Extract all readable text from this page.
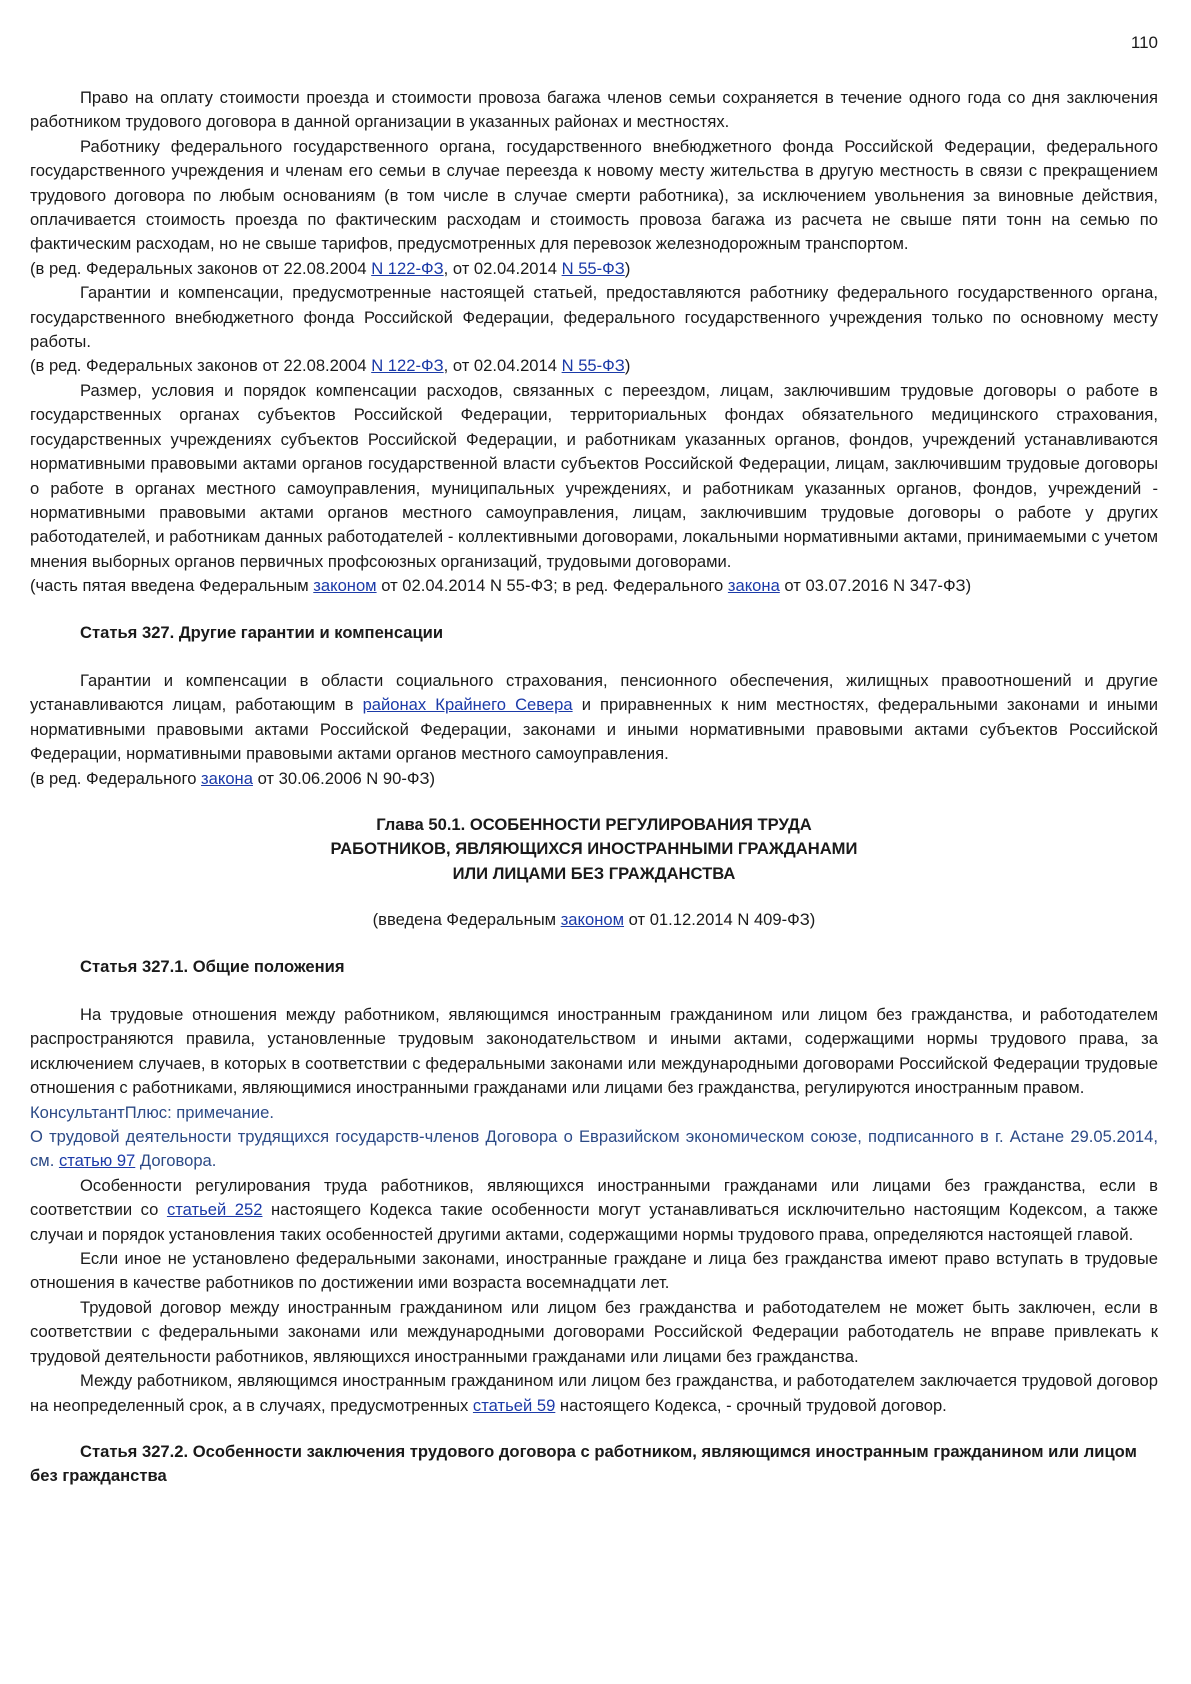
110

Право на оплату стоимости проезда и стоимости провоза багажа членов семьи сохраняется в течение одного года со дня заключения работником трудового договора в данной организации в указанных районах и местностях.

Работнику федерального государственного органа, государственного внебюджетного фонда Российской Федерации, федерального государственного учреждения и членам его семьи в случае переезда к новому месту жительства в другую местность в связи с прекращением трудового договора по любым основаниям (в том числе в случае смерти работника), за исключением увольнения за виновные действия, оплачивается стоимость проезда по фактическим расходам и стоимость провоза багажа из расчета не свыше пяти тонн на семью по фактическим расходам, но не свыше тарифов, предусмотренных для перевозок железнодорожным транспортом.

(в ред. Федеральных законов от 22.08.2004 N 122-ФЗ, от 02.04.2014 N 55-ФЗ)

Гарантии и компенсации, предусмотренные настоящей статьей, предоставляются работнику федерального государственного органа, государственного внебюджетного фонда Российской Федерации, федерального государственного учреждения только по основному месту работы.

(в ред. Федеральных законов от 22.08.2004 N 122-ФЗ, от 02.04.2014 N 55-ФЗ)

Размер, условия и порядок компенсации расходов, связанных с переездом, лицам, заключившим трудовые договоры о работе в государственных органах субъектов Российской Федерации, территориальных фондах обязательного медицинского страхования, государственных учреждениях субъектов Российской Федерации, и работникам указанных органов, фондов, учреждений устанавливаются нормативными правовыми актами органов государственной власти субъектов Российской Федерации, лицам, заключившим трудовые договоры о работе в органах местного самоуправления, муниципальных учреждениях, и работникам указанных органов, фондов, учреждений - нормативными правовыми актами органов местного самоуправления, лицам, заключившим трудовые договоры о работе у других работодателей, и работникам данных работодателей - коллективными договорами, локальными нормативными актами, принимаемыми с учетом мнения выборных органов первичных профсоюзных организаций, трудовыми договорами.

(часть пятая введена Федеральным законом от 02.04.2014 N 55-ФЗ; в ред. Федерального закона от 03.07.2016 N 347-ФЗ)

Статья 327. Другие гарантии и компенсации

Гарантии и компенсации в области социального страхования, пенсионного обеспечения, жилищных правоотношений и другие устанавливаются лицам, работающим в районах Крайнего Севера и приравненных к ним местностях, федеральными законами и иными нормативными правовыми актами Российской Федерации, законами и иными нормативными правовыми актами субъектов Российской Федерации, нормативными правовыми актами органов местного самоуправления.

(в ред. Федерального закона от 30.06.2006 N 90-ФЗ)

Глава 50.1. ОСОБЕННОСТИ РЕГУЛИРОВАНИЯ ТРУДА
РАБОТНИКОВ, ЯВЛЯЮЩИХСЯ ИНОСТРАННЫМИ ГРАЖДАНАМИ
ИЛИ ЛИЦАМИ БЕЗ ГРАЖДАНСТВА

(введена Федеральным законом от 01.12.2014 N 409-ФЗ)

Статья 327.1. Общие положения

На трудовые отношения между работником, являющимся иностранным гражданином или лицом без гражданства, и работодателем распространяются правила, установленные трудовым законодательством и иными актами, содержащими нормы трудового права, за исключением случаев, в которых в соответствии с федеральными законами или международными договорами Российской Федерации трудовые отношения с работниками, являющимися иностранными гражданами или лицами без гражданства, регулируются иностранным правом.

КонсультантПлюс: примечание.

О трудовой деятельности трудящихся государств-членов Договора о Евразийском экономическом союзе, подписанного в г. Астане 29.05.2014, см. статью 97 Договора.

Особенности регулирования труда работников, являющихся иностранными гражданами или лицами без гражданства, если в соответствии со статьей 252 настоящего Кодекса такие особенности могут устанавливаться исключительно настоящим Кодексом, а также случаи и порядок установления таких особенностей другими актами, содержащими нормы трудового права, определяются настоящей главой.

Если иное не установлено федеральными законами, иностранные граждане и лица без гражданства имеют право вступать в трудовые отношения в качестве работников по достижении ими возраста восемнадцати лет.

Трудовой договор между иностранным гражданином или лицом без гражданства и работодателем не может быть заключен, если в соответствии с федеральными законами или международными договорами Российской Федерации работодатель не вправе привлекать к трудовой деятельности работников, являющихся иностранными гражданами или лицами без гражданства.

Между работником, являющимся иностранным гражданином или лицом без гражданства, и работодателем заключается трудовой договор на неопределенный срок, а в случаях, предусмотренных статьей 59 настоящего Кодекса, - срочный трудовой договор.

Статья 327.2. Особенности заключения трудового договора с работником, являющимся иностранным гражданином или лицом без гражданства
